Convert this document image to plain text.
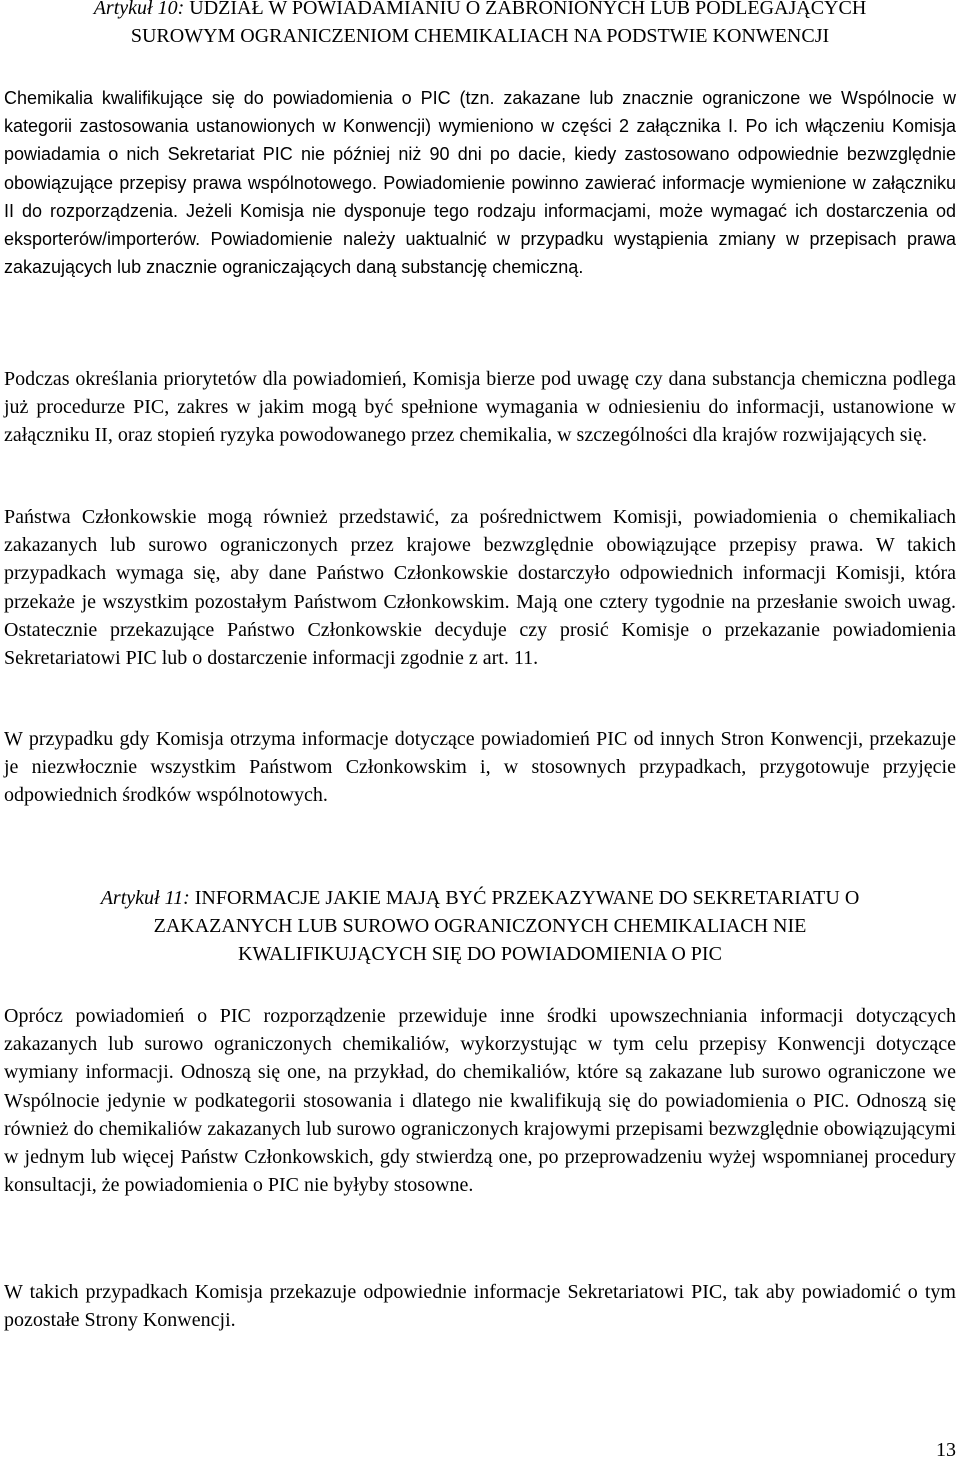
Artykuł 10: UDZIAŁ W POWIADAMIANIU O ZABRONIONYCH LUB PODLEGAJĄCYCH
SUROWYM OGRANICZENIOM CHEMIKALIACH NA PODSTWIE KONWENCJI

Chemikalia kwalifikujące się do powiadomienia o PIC (tzn. zakazane lub znacznie ograniczone we Wspólnocie w kategorii zastosowania ustanowionych w Konwencji) wymieniono w części 2 załącznika I. Po ich włączeniu Komisja powiadamia o nich Sekretariat PIC nie później niż 90 dni po dacie, kiedy zastosowano odpowiednie bezwzględnie obowiązujące przepisy prawa wspólnotowego. Powiadomienie powinno zawierać informacje wymienione w załączniku II do rozporządzenia. Jeżeli Komisja nie dysponuje tego rodzaju informacjami, może wymagać ich dostarczenia od eksporterów/importerów. Powiadomienie należy uaktualnić w przypadku wystąpienia zmiany w przepisach prawa zakazujących lub znacznie ograniczających daną substancję chemiczną.

Podczas określania priorytetów dla powiadomień, Komisja bierze pod uwagę czy dana substancja chemiczna podlega już procedurze PIC, zakres w jakim mogą być spełnione wymagania w odniesieniu do informacji, ustanowione w załączniku II, oraz stopień ryzyka powodowanego przez chemikalia, w szczególności dla krajów rozwijających się.

Państwa Członkowskie mogą również przedstawić, za pośrednictwem Komisji, powiadomienia o chemikaliach zakazanych lub surowo ograniczonych przez krajowe bezwzględnie obowiązujące przepisy prawa. W takich przypadkach wymaga się, aby dane Państwo Członkowskie dostarczyło odpowiednich informacji Komisji, która przekaże je wszystkim pozostałym Państwom Członkowskim. Mają one cztery tygodnie na przesłanie swoich uwag. Ostatecznie przekazujące Państwo Członkowskie decyduje czy prosić Komisje o przekazanie powiadomienia Sekretariatowi PIC lub o dostarczenie informacji zgodnie z art. 11.

W przypadku gdy Komisja otrzyma informacje dotyczące powiadomień PIC od innych Stron Konwencji, przekazuje je niezwłocznie wszystkim Państwom Członkowskim i, w stosownych przypadkach, przygotowuje przyjęcie odpowiednich środków wspólnotowych.

Artykuł 11: INFORMACJE JAKIE MAJĄ BYĆ PRZEKAZYWANE DO SEKRETARIATU O
ZAKAZANYCH LUB SUROWO OGRANICZONYCH CHEMIKALIACH NIE
KWALIFIKUJĄCYCH SIĘ DO POWIADOMIENIA O PIC

Oprócz powiadomień o PIC rozporządzenie przewiduje inne środki upowszechniania informacji dotyczących zakazanych lub surowo ograniczonych chemikaliów, wykorzystując w tym celu przepisy Konwencji dotyczące wymiany informacji. Odnoszą się one, na przykład, do chemikaliów, które są zakazane lub surowo ograniczone we Wspólnocie jedynie w podkategorii stosowania i dlatego nie kwalifikują się do powiadomienia o PIC. Odnoszą się również do chemikaliów zakazanych lub surowo ograniczonych krajowymi przepisami bezwzględnie obowiązującymi w jednym lub więcej Państw Członkowskich, gdy stwierdzą one, po przeprowadzeniu wyżej wspomnianej procedury konsultacji, że powiadomienia o PIC nie byłyby stosowne.

W takich przypadkach Komisja przekazuje odpowiednie informacje Sekretariatowi PIC, tak aby powiadomić o tym pozostałe Strony Konwencji.

13
